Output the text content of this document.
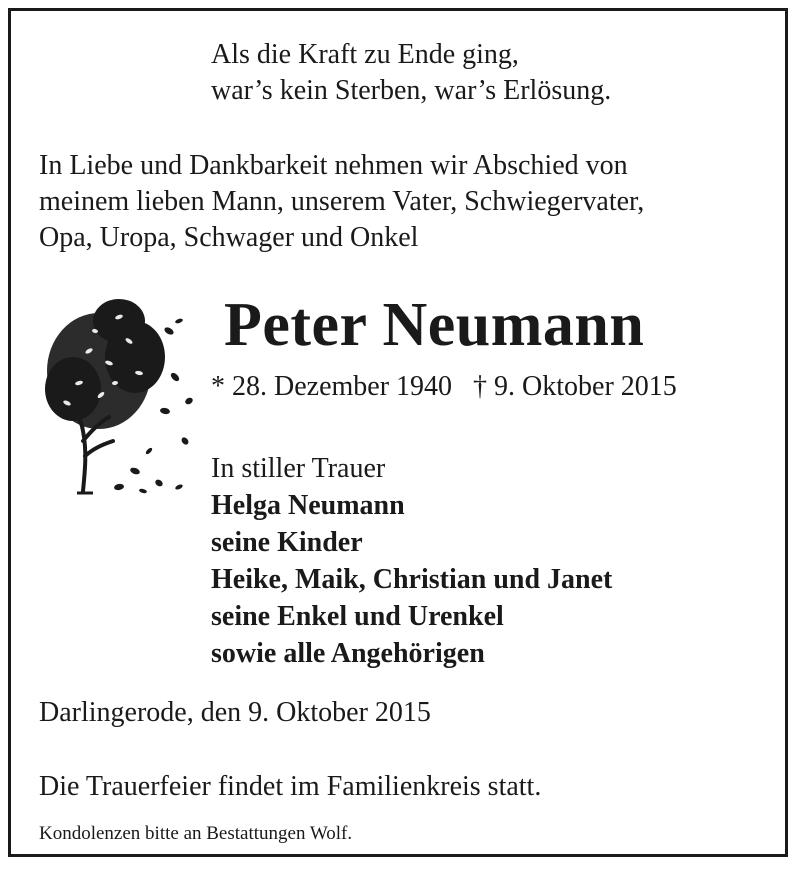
Als die Kraft zu Ende ging,
war’s kein Sterben, war’s Erlösung.
In Liebe und Dankbarkeit nehmen wir Abschied von
meinem lieben Mann, unserem Vater, Schwiegervater,
Opa, Uropa, Schwager und Onkel
Peter Neumann
* 28. Dezember 1940   † 9. Oktober 2015
In stiller Trauer
Helga Neumann
seine Kinder
Heike, Maik, Christian und Janet
seine Enkel und Urenkel
sowie alle Angehörigen
Darlingerode, den 9. Oktober 2015
Die Trauerfeier findet im Familienkreis statt.
Kondolenzen bitte an Bestattungen Wolf.
